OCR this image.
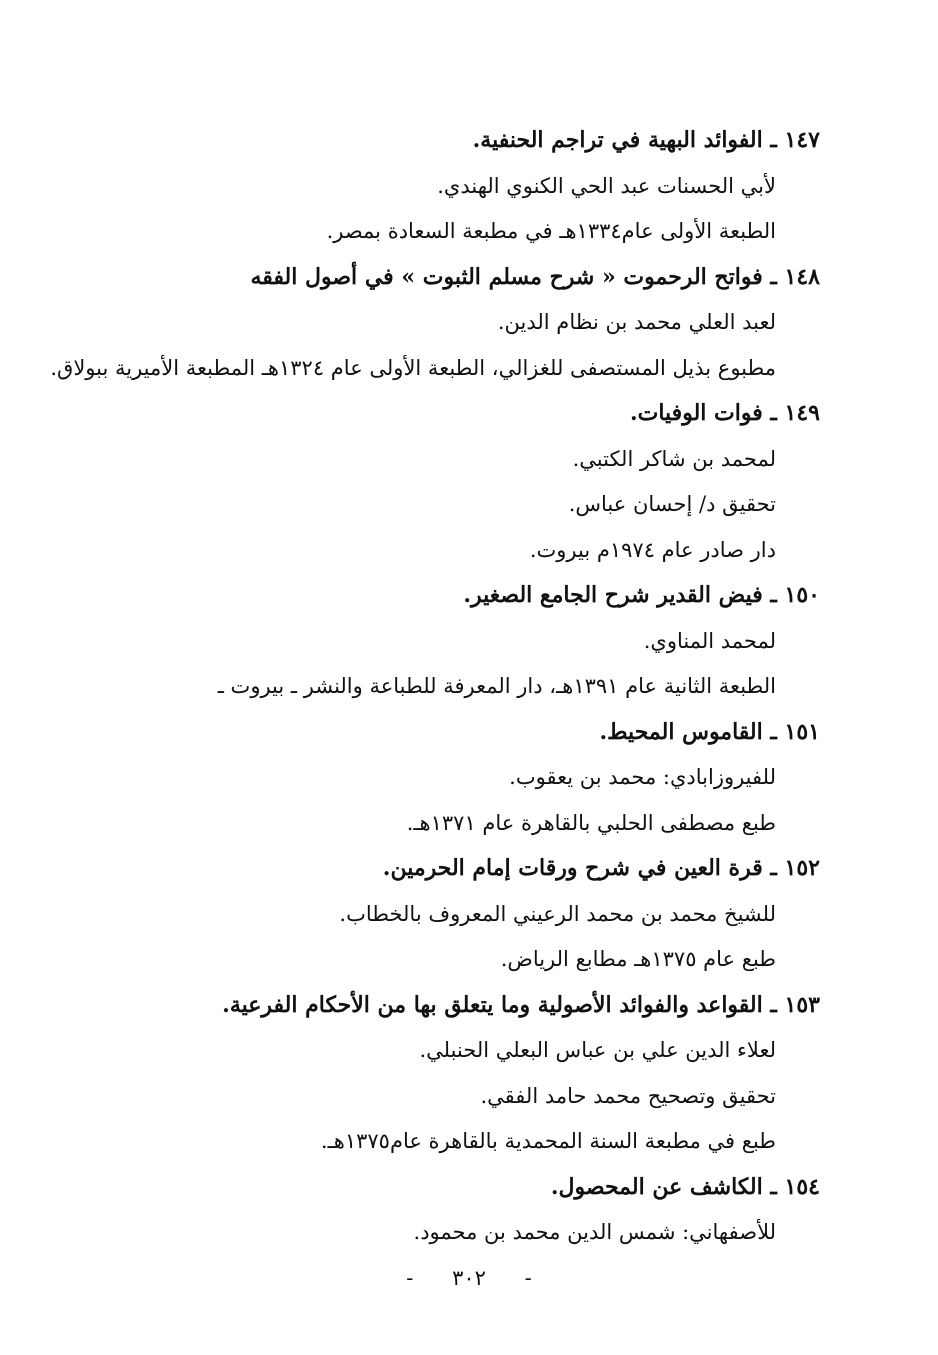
١٤٧ ـ الفوائد البهية في تراجم الحنفية.
لأبي الحسنات عبد الحي الكنوي الهندي.
الطبعة الأولى عام١٣٣٤هـ في مطبعة السعادة بمصر.
١٤٨ ـ فواتح الرحموت « شرح مسلم الثبوت » في أصول الفقه
لعبد العلي محمد بن نظام الدين.
مطبوع بذيل المستصفى للغزالي، الطبعة الأولى عام ١٣٢٤هـ المطبعة الأميرية ببولاق.
١٤٩ ـ فوات الوفيات.
لمحمد بن شاكر الكتبي.
تحقيق د/ إحسان عباس.
دار صادر عام ١٩٧٤م بيروت.
١٥٠ ـ فيض القدير شرح الجامع الصغير.
لمحمد المناوي.
الطبعة الثانية عام ١٣٩١هـ، دار المعرفة للطباعة والنشر ـ بيروت ـ
١٥١ ـ القاموس المحيط.
للفيروزابادي: محمد بن يعقوب.
طبع مصطفى الحلبي بالقاهرة عام ١٣٧١هـ.
١٥٢ ـ قرة العين في شرح ورقات إمام الحرمين.
للشيخ محمد بن محمد الرعيني المعروف بالخطاب.
طبع عام ١٣٧٥هـ مطابع الرياض.
١٥٣ ـ القواعد والفوائد الأصولية وما يتعلق بها من الأحكام الفرعية.
لعلاء الدين علي بن عباس البعلي الحنبلي.
تحقيق وتصحيح محمد حامد الفقي.
طبع في مطبعة السنة المحمدية بالقاهرة عام١٣٧٥هـ.
١٥٤ ـ الكاشف عن المحصول.
للأصفهاني: شمس الدين محمد بن محمود.
- ٣٠٢ -
